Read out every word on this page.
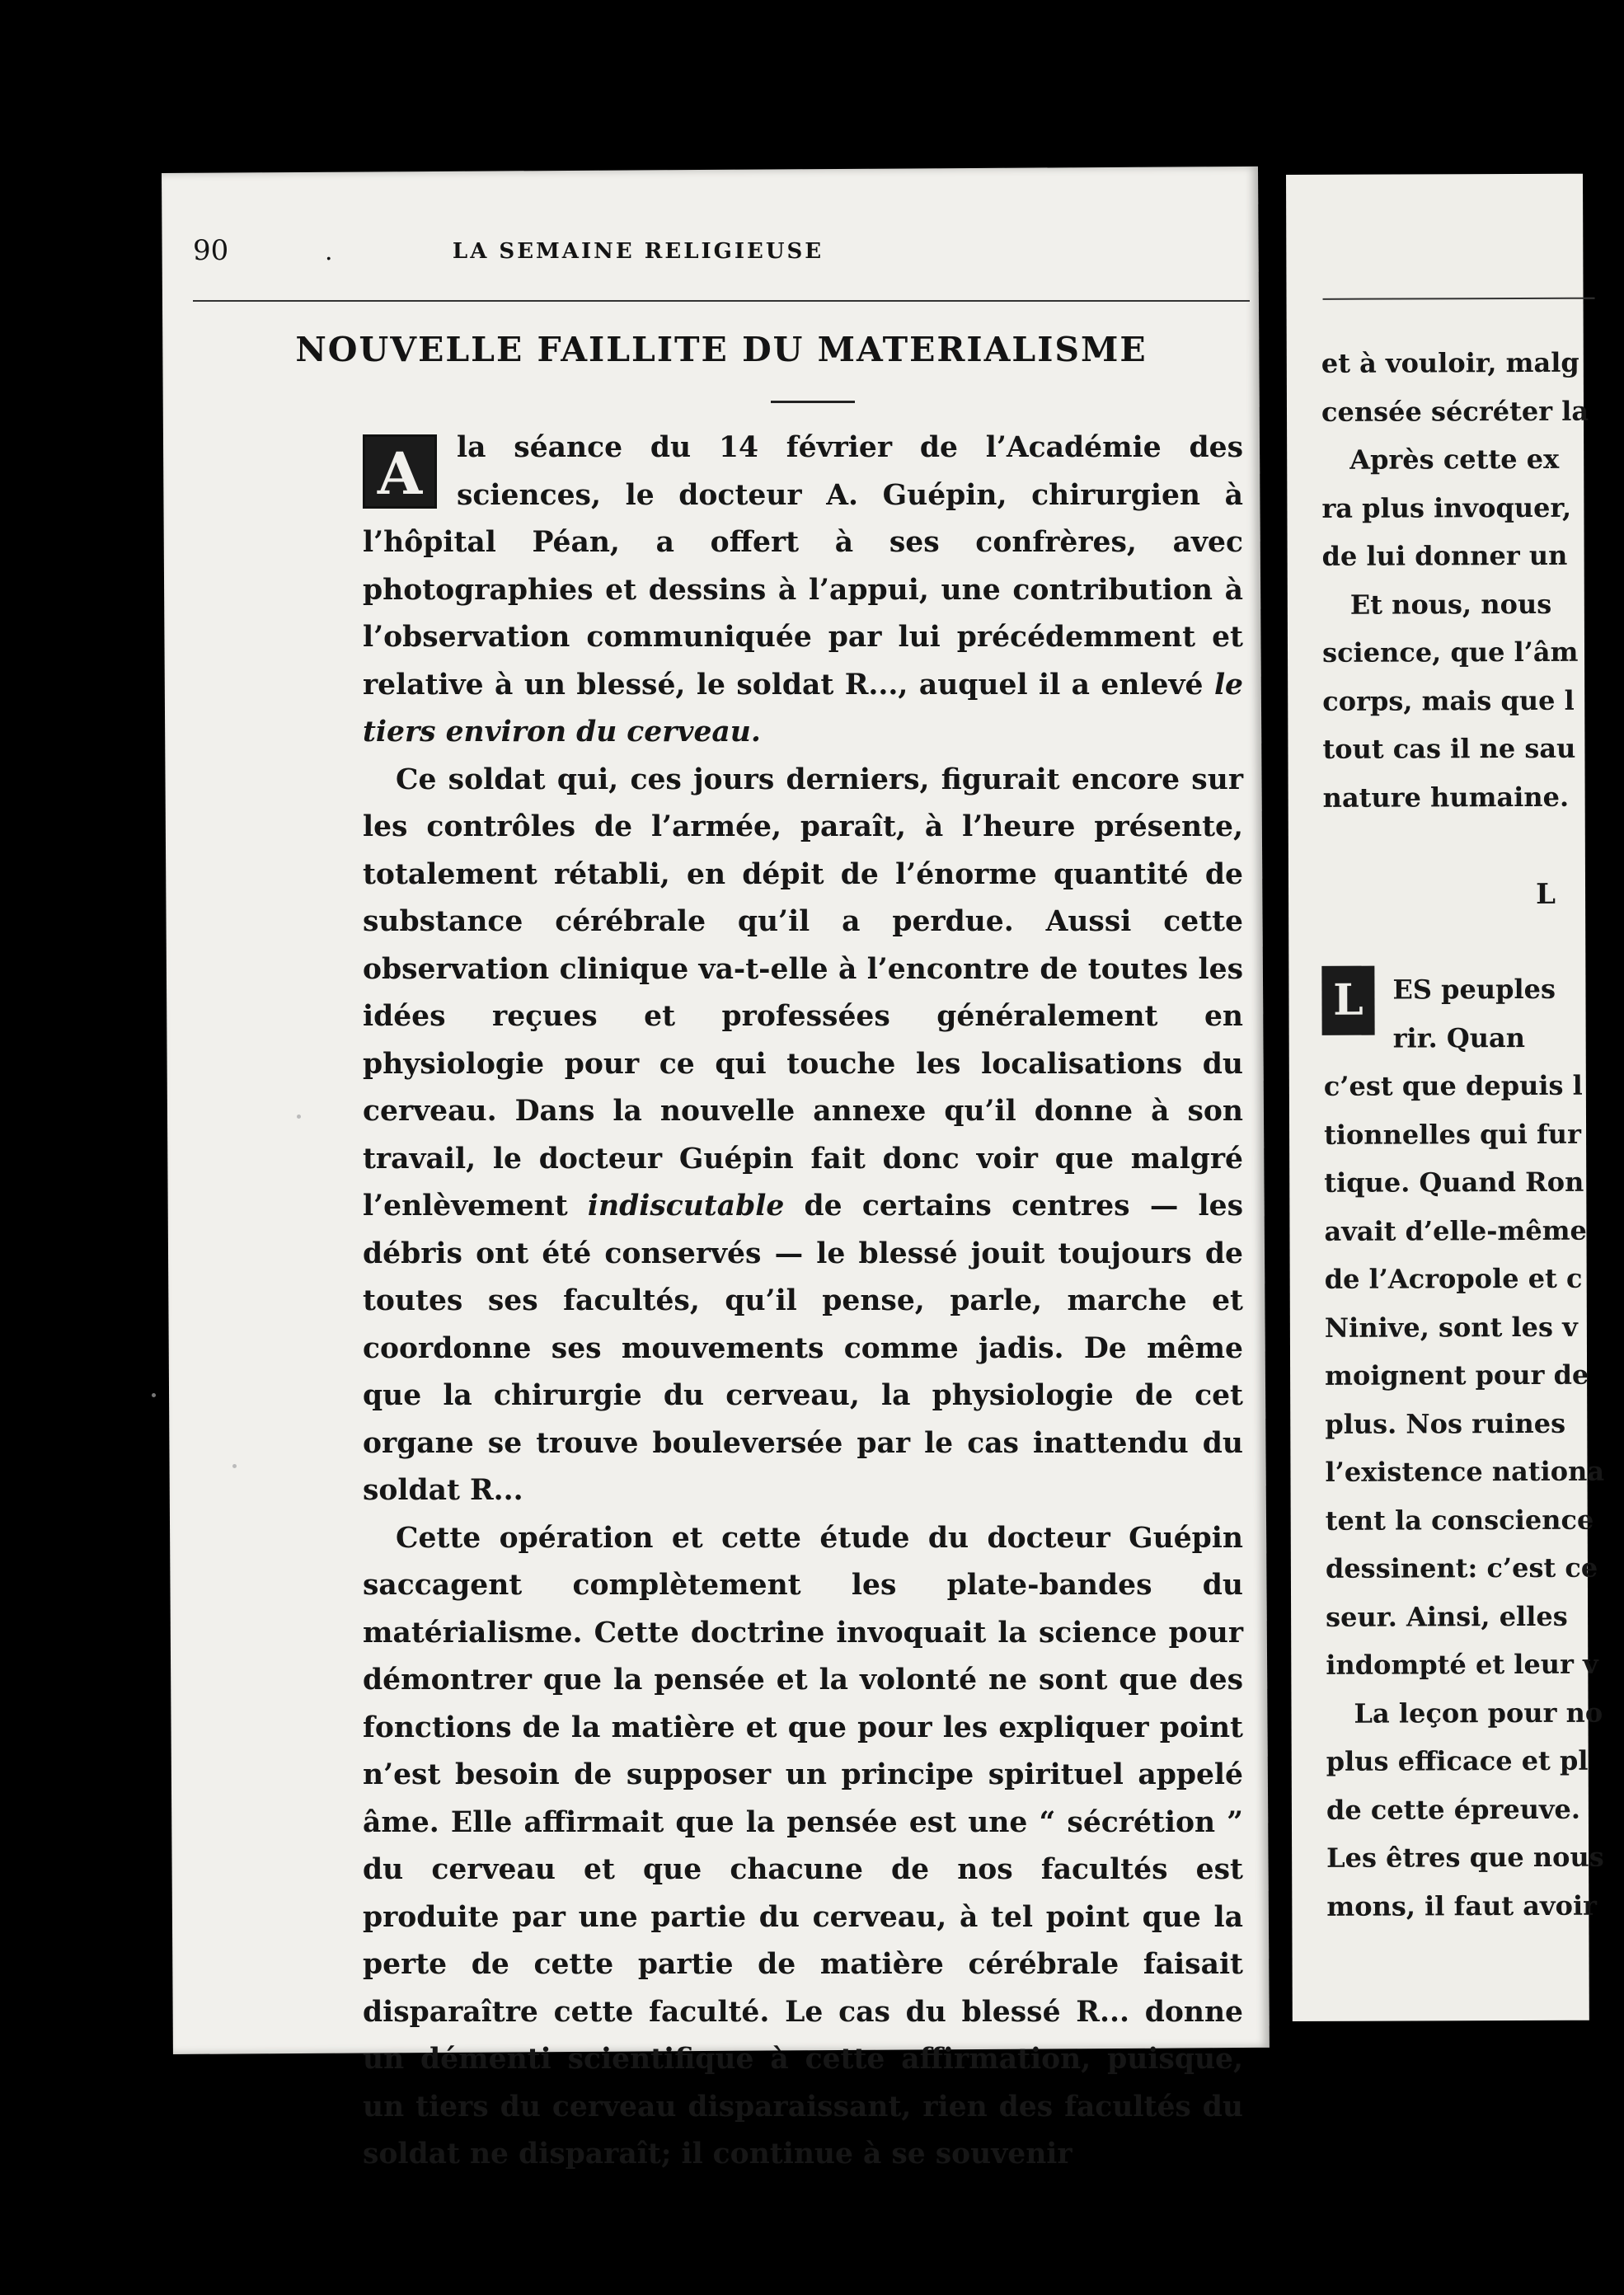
et à vouloir, malg
censée sécréter la
Après cette ex
ra plus invoquer,
de lui donner un
Et nous, nous
science, que l’âm
corps, mais que l
tout cas il ne sau
nature humaine.
L
L	ES peuples
rir. Quan
c’est que depuis l
tionnelles qui fur
tique. Quand Ron
avait d’elle-même
de l’Acropole et c
Ninive, sont les v
moignent pour de
plus. Nos ruines
l’existence nationa
tent la conscience
dessinent: c’est ce
seur. Ainsi, elles
indompté et leur v
La leçon pour no
plus efficace et pl
de cette épreuve.
Les êtres que nous
mons, il faut avoir
90	.	LA SEMAINE RELIGIEUSE
NOUVELLE FAILLITE DU MATERIALISME

A	la séance du 14 février de l’Académie des sciences, le docteur A. Guépin, chirurgien à l’hôpital Péan, a offert à ses confrères, avec photographies et dessins à l’appui, une contribution à l’observation communiquée par lui précédemment et relative à un blessé, le soldat R..., auquel il a enlevé le tiers environ du cerveau.

Ce soldat qui, ces jours derniers, figurait encore sur les contrôles de l’armée, paraît, à l’heure présente, totalement rétabli, en dépit de l’énorme quantité de substance cérébrale qu’il a perdue. Aussi cette observation clinique va-t-elle à l’encontre de toutes les idées reçues et professées généralement en physiologie pour ce qui touche les localisations du cerveau. Dans la nouvelle annexe qu’il donne à son travail, le docteur Guépin fait donc voir que malgré l’enlèvement indiscutable de certains centres — les débris ont été conservés — le blessé jouit toujours de toutes ses facultés, qu’il pense, parle, marche et coordonne ses mouvements comme jadis. De même que la chirurgie du cerveau, la physiologie de cet organe se trouve bouleversée par le cas inattendu du soldat R...

Cette opération et cette étude du docteur Guépin saccagent complètement les plate-bandes du matérialisme. Cette doctrine invoquait la science pour démontrer que la pensée et la volonté ne sont que des fonctions de la matière et que pour les expliquer point n’est besoin de supposer un principe spirituel appelé âme. Elle affirmait que la pensée est une “ sécrétion ” du cerveau et que chacune de nos facultés est produite par une partie du cerveau, à tel point que la perte de cette partie de matière cérébrale faisait disparaître cette faculté. Le cas du blessé R... donne un démenti scientifique à cette affirmation, puisque, un tiers du cerveau disparaissant, rien des facultés du soldat ne disparaît; il continue à se souvenir
